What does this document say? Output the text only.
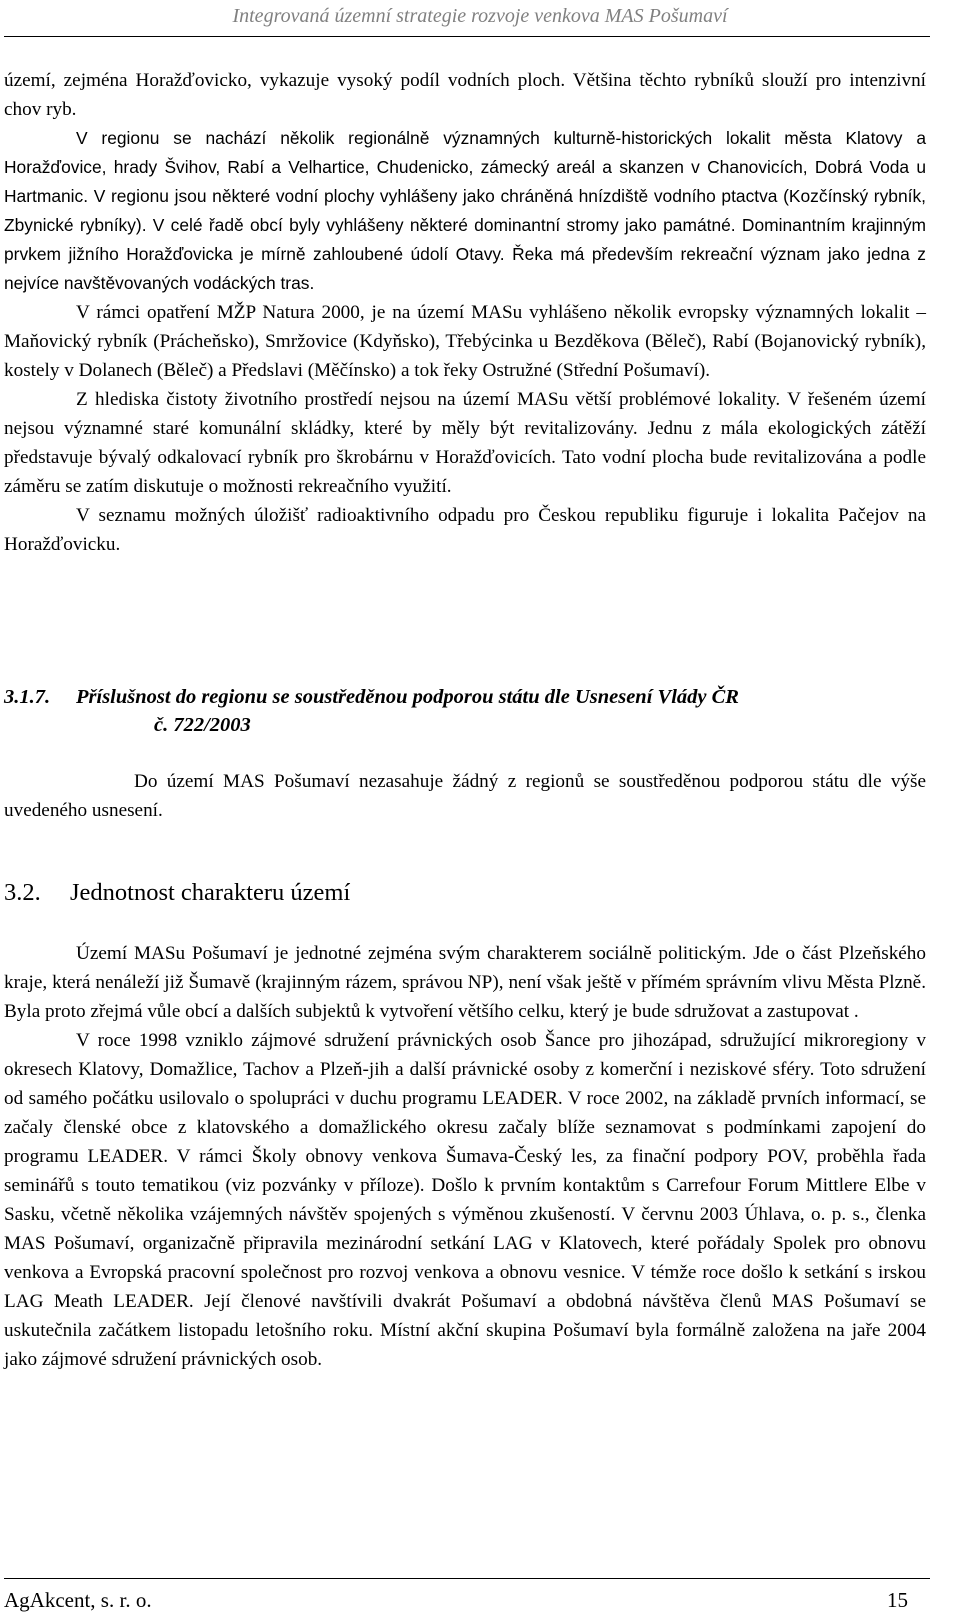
Integrovaná územní strategie rozvoje venkova MAS Pošumaví

území, zejména Horažďovicko, vykazuje vysoký podíl vodních ploch. Většina těchto rybníků slouží pro intenzivní chov ryb.

V regionu se nachází několik regionálně významných kulturně-historických lokalit města Klatovy a Horažďovice, hrady Švihov, Rabí a Velhartice, Chudenicko, zámecký areál a skanzen v Chanovicích, Dobrá Voda u Hartmanic. V regionu jsou některé vodní plochy vyhlášeny jako chráněná hnízdiště vodního ptactva (Kozčínský rybník, Zbynické rybníky). V celé řadě obcí byly vyhlášeny některé dominantní stromy jako památné. Dominantním krajinným prvkem jižního Horažďovicka je mírně zahloubené údolí Otavy. Řeka má především rekreační význam jako jedna z nejvíce navštěvovaných vodáckých tras.

V rámci opatření MŽP Natura 2000, je na území MASu vyhlášeno několik evropsky významných lokalit – Maňovický rybník (Prácheňsko), Smržovice (Kdyňsko), Třebýcinka u Bezděkova (Běleč), Rabí (Bojanovický rybník), kostely v Dolanech (Běleč) a Předslavi (Měčínsko) a tok řeky Ostružné (Střední Pošumaví).

Z hlediska čistoty životního prostředí nejsou na území MASu větší problémové lokality. V řešeném území nejsou významné staré komunální skládky, které by měly být revitalizovány. Jednu z mála ekologických zátěží představuje bývalý odkalovací rybník pro škrobárnu v Horažďovicích. Tato vodní plocha bude revitalizována a podle záměru se zatím diskutuje o možnosti rekreačního využití.

V seznamu možných úložišť radioaktivního odpadu pro Českou republiku figuruje i lokalita Pačejov na Horažďovicku.

3.1.7. Příslušnost do regionu se soustředěnou podporou státu dle Usnesení Vlády ČR
č. 722/2003

Do území MAS Pošumaví nezasahuje žádný z regionů se soustředěnou podporou státu dle výše uvedeného usnesení.

3.2. Jednotnost charakteru území

Území MASu Pošumaví je jednotné zejména svým charakterem sociálně politickým. Jde o část Plzeňského kraje, která nenáleží již Šumavě (krajinným rázem, správou NP), není však ještě v přímém správním vlivu Města Plzně. Byla proto zřejmá vůle obcí a dalších subjektů k vytvoření většího celku, který je bude sdružovat a zastupovat .

V roce 1998 vzniklo zájmové sdružení právnických osob Šance pro jihozápad, sdružující mikroregiony v okresech Klatovy, Domažlice, Tachov a Plzeň-jih a další právnické osoby z komerční i neziskové sféry. Toto sdružení od samého počátku usilovalo o spolupráci v duchu programu LEADER. V roce 2002, na základě prvních informací, se začaly členské obce z klatovského a domažlického okresu začaly blíže seznamovat s podmínkami zapojení do programu LEADER. V rámci Školy obnovy venkova Šumava-Český les, za finační podpory POV, proběhla řada seminářů s touto tematikou (viz pozvánky v příloze). Došlo k prvním kontaktům s Carrefour Forum Mittlere Elbe v Sasku, včetně několika vzájemných návštěv spojených s výměnou zkušeností. V červnu 2003 Úhlava, o. p. s., členka MAS Pošumaví, organizačně připravila mezinárodní setkání LAG v Klatovech, které pořádaly Spolek pro obnovu venkova a Evropská pracovní společnost pro rozvoj venkova a obnovu vesnice. V témže roce došlo k setkání s irskou LAG Meath LEADER. Její členové navštívili dvakrát Pošumaví a obdobná návštěva členů MAS Pošumaví se uskutečnila začátkem listopadu letošního roku. Místní akční skupina Pošumaví byla formálně založena na jaře 2004 jako zájmové sdružení právnických osob.

AgAkcent, s. r. o.	15
